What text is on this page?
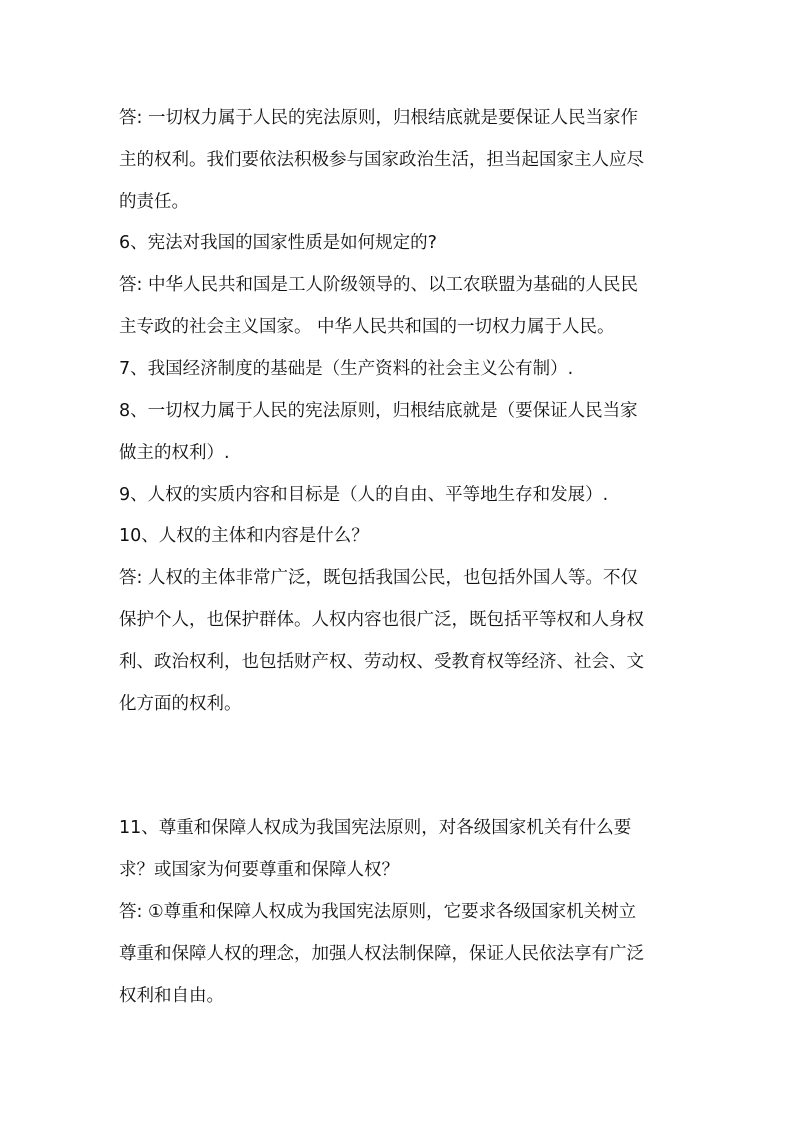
答: 一切权力属于人民的宪法原则，归根结底就是要保证人民当家作
主的权利。我们要依法积极参与国家政治生活，担当起国家主人应尽
的责任。
6、宪法对我国的国家性质是如何规定的?
答: 中华人民共和国是工人阶级领导的、以工农联盟为基础的人民民
主专政的社会主义国家。 中华人民共和国的一切权力属于人民。
7、我国经济制度的基础是（生产资料的社会主义公有制）.
8、一切权力属于人民的宪法原则，归根结底就是（要保证人民当家
做主的权利）.
9、人权的实质内容和目标是（人的自由、平等地生存和发展）.
10、人权的主体和内容是什么？
答: 人权的主体非常广泛，既包括我国公民，也包括外国人等。不仅
保护个人，也保护群体。人权内容也很广泛，既包括平等权和人身权
利、政治权利，也包括财产权、劳动权、受教育权等经济、社会、文
化方面的权利。
11、尊重和保障人权成为我国宪法原则，对各级国家机关有什么要
求？或国家为何要尊重和保障人权？
答: ①尊重和保障人权成为我国宪法原则，它要求各级国家机关树立
尊重和保障人权的理念，加强人权法制保障，保证人民依法享有广泛
权利和自由。
